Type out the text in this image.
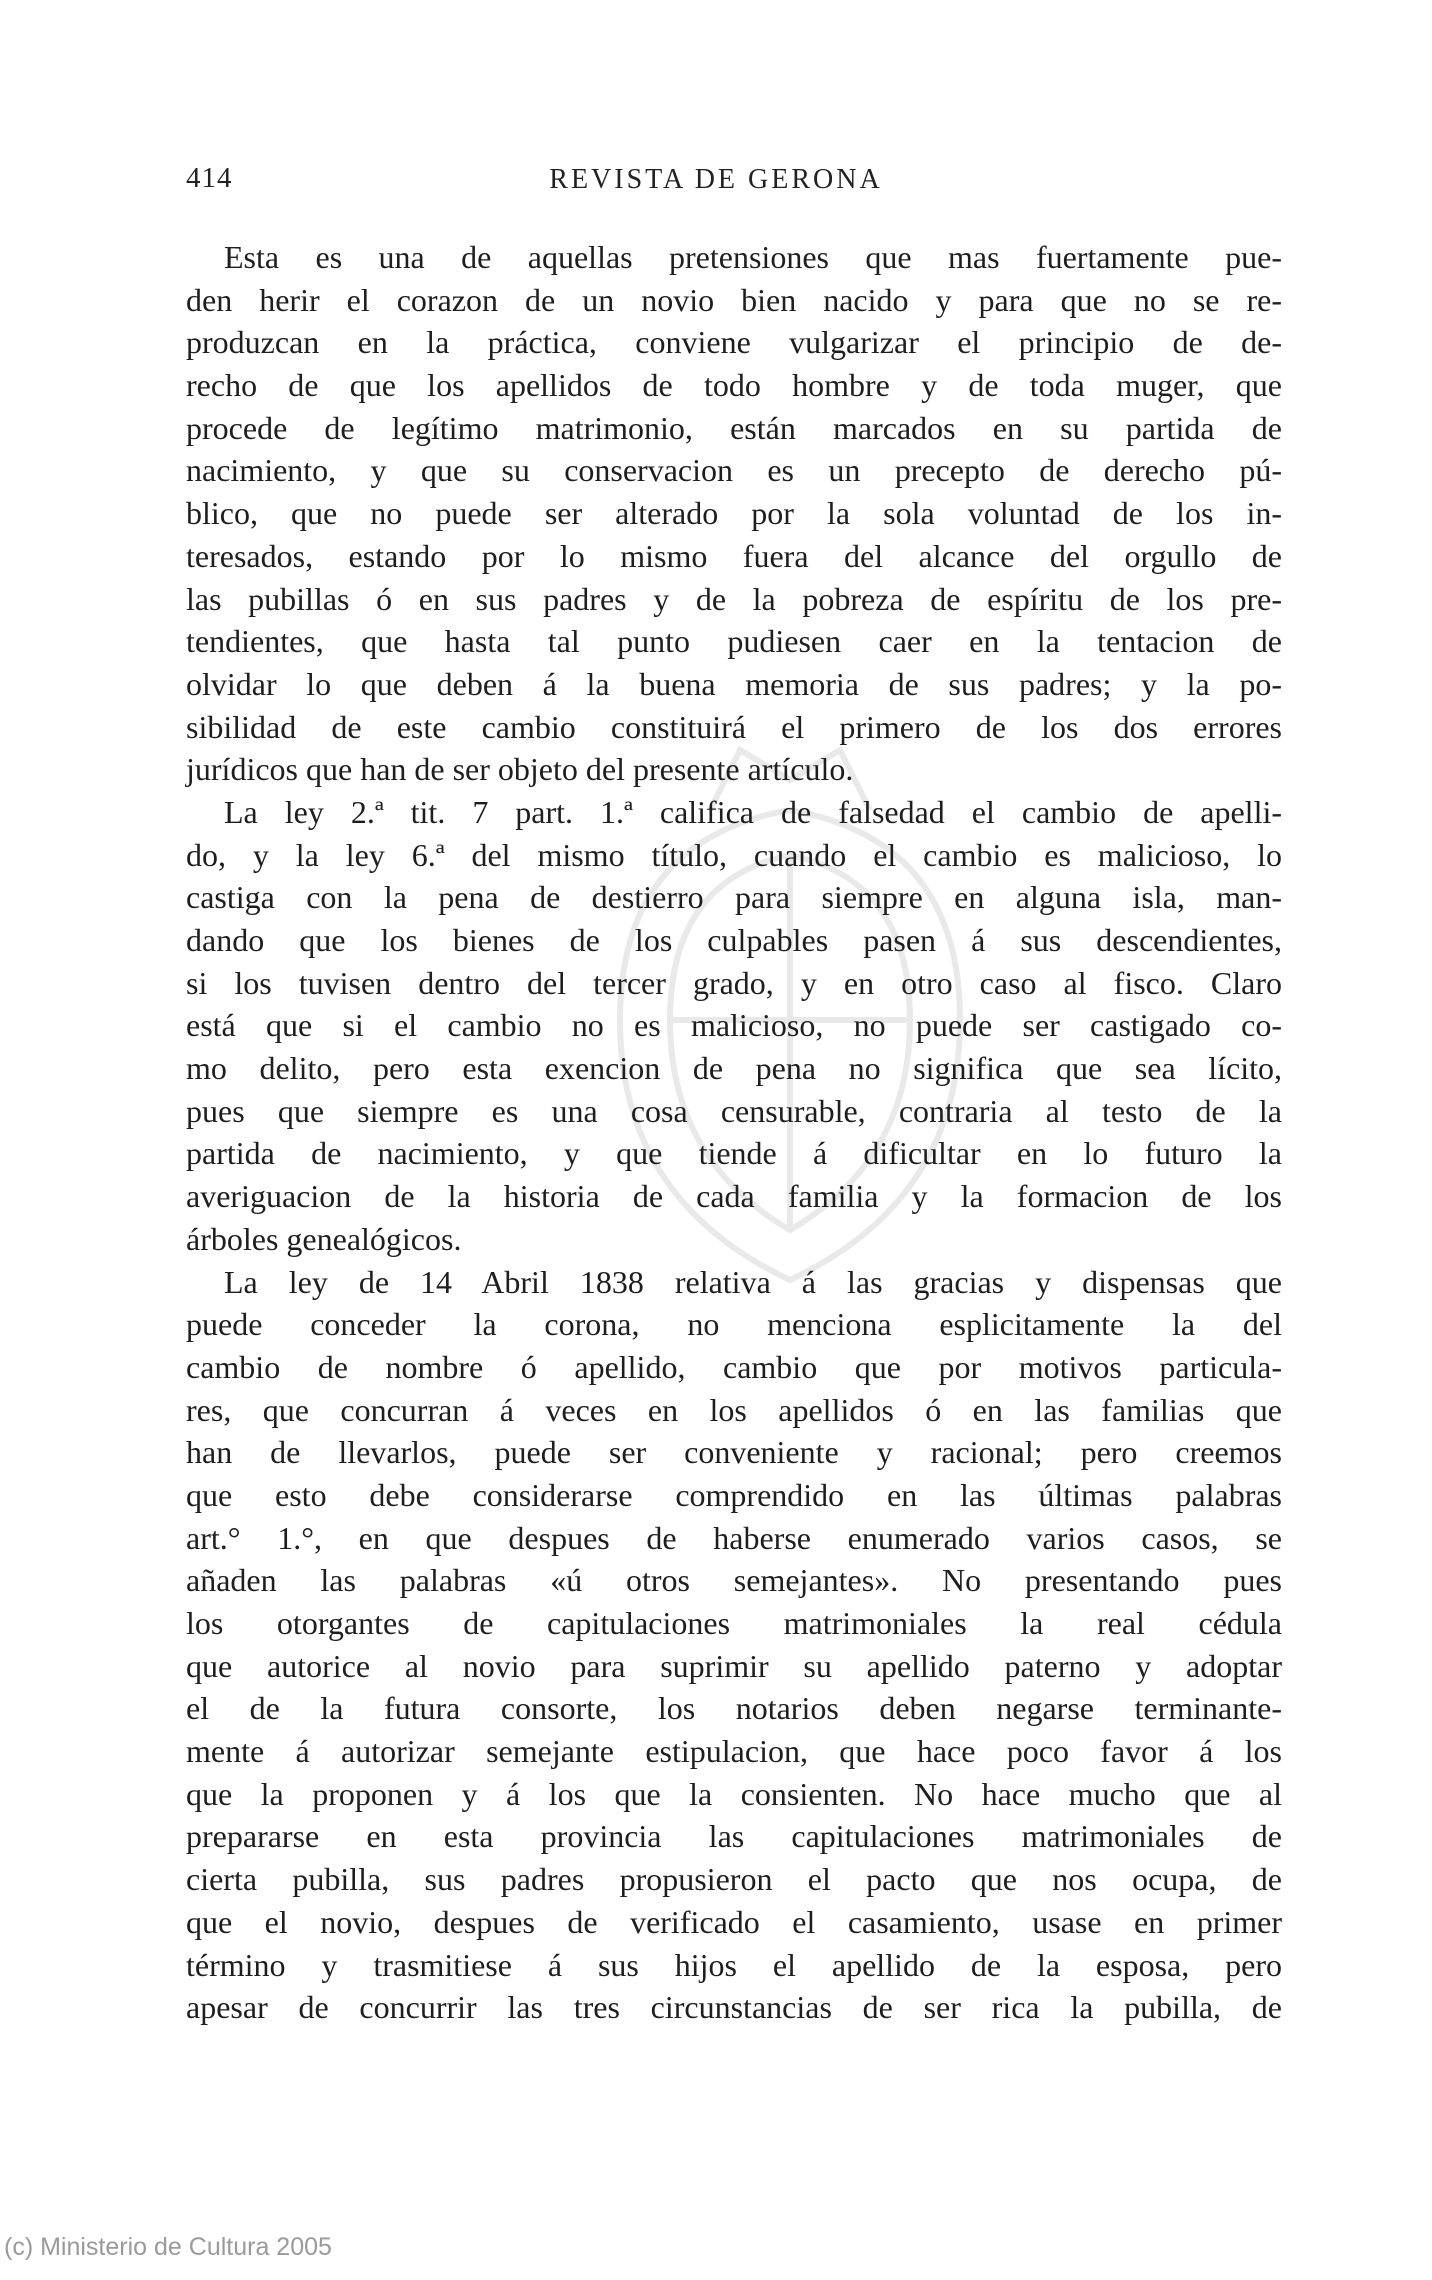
414	REVISTA DE GERONA
Esta es una de aquellas pretensiones que mas fuertamente pue-
den herir el corazon de un novio bien nacido y para que no se re-
produzcan en la práctica, conviene vulgarizar el principio de de-
recho de que los apellidos de todo hombre y de toda muger, que
procede de legítimo matrimonio, están marcados en su partida de
nacimiento, y que su conservacion es un precepto de derecho pú-
blico, que no puede ser alterado por la sola voluntad de los in-
teresados, estando por lo mismo fuera del alcance del orgullo de
las pubillas ó en sus padres y de la pobreza de espíritu de los pre-
tendientes, que hasta tal punto pudiesen caer en la tentacion de
olvidar lo que deben á la buena memoria de sus padres; y la po-
sibilidad de este cambio constituirá el primero de los dos errores
jurídicos que han de ser objeto del presente artículo.
La ley 2.ª tit. 7 part. 1.ª califica de falsedad el cambio de apelli-
do, y la ley 6.ª del mismo título, cuando el cambio es malicioso, lo
castiga con la pena de destierro para siempre en alguna isla, man-
dando que los bienes de los culpables pasen á sus descendientes,
si los tuvisen dentro del tercer grado, y en otro caso al fisco. Claro
está que si el cambio no es malicioso, no puede ser castigado co-
mo delito, pero esta exencion de pena no significa que sea lícito,
pues que siempre es una cosa censurable, contraria al testo de la
partida de nacimiento, y que tiende á dificultar en lo futuro la
averiguacion de la historia de cada familia y la formacion de los
árboles genealógicos.
La ley de 14 Abril 1838 relativa á las gracias y dispensas que
puede conceder la corona, no menciona esplicitamente la del
cambio de nombre ó apellido, cambio que por motivos particula-
res, que concurran á veces en los apellidos ó en las familias que
han de llevarlos, puede ser conveniente y racional; pero creemos
que esto debe considerarse comprendido en las últimas palabras
art.° 1.°, en que despues de haberse enumerado varios casos, se
añaden las palabras «ú otros semejantes». No presentando pues
los otorgantes de capitulaciones matrimoniales la real cédula
que autorice al novio para suprimir su apellido paterno y adoptar
el de la futura consorte, los notarios deben negarse terminante-
mente á autorizar semejante estipulacion, que hace poco favor á los
que la proponen y á los que la consienten. No hace mucho que al
prepararse en esta provincia las capitulaciones matrimoniales de
cierta pubilla, sus padres propusieron el pacto que nos ocupa, de
que el novio, despues de verificado el casamiento, usase en primer
término y trasmitiese á sus hijos el apellido de la esposa, pero
apesar de concurrir las tres circunstancias de ser rica la pubilla, de
(c) Ministerio de Cultura 2005
